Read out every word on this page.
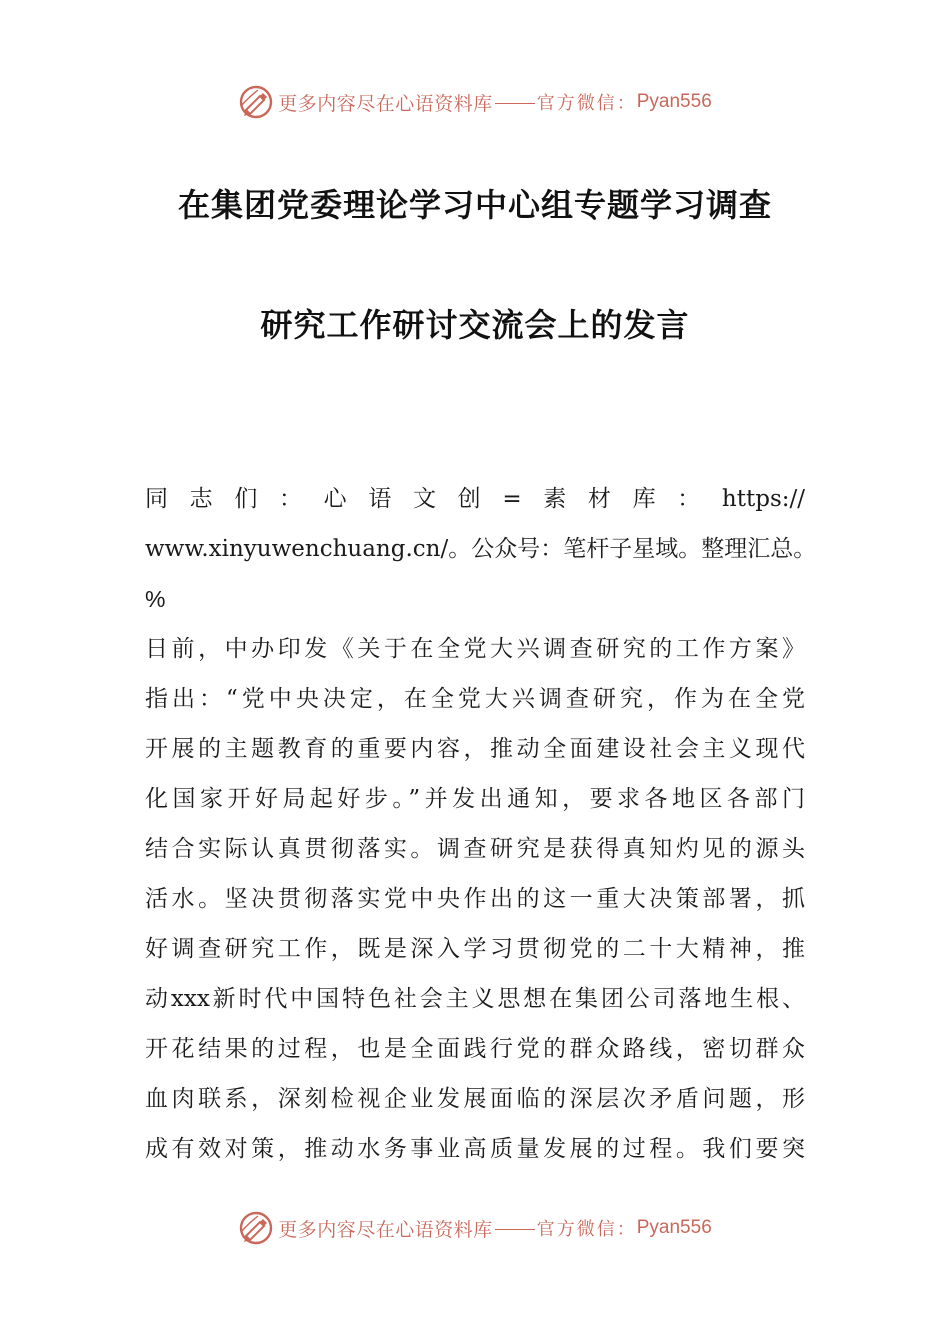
更多内容尽在心语资料库 官方微信： Pyan556
在集团党委理论学习中心组专题学习调查
研究工作研讨交流会上的发言
同志们：心语文创=素材库：https://
www.xinyuwenchuang.cn/。公众号：笔杆子星域。整理汇总。
%
日前，中办印发《关于在全党大兴调查研究的工作方案》
指出：“党中央决定，在全党大兴调查研究，作为在全党
开展的主题教育的重要内容，推动全面建设社会主义现代
化国家开好局起好步。”并发出通知，要求各地区各部门
结合实际认真贯彻落实。调查研究是获得真知灼见的源头
活水。坚决贯彻落实党中央作出的这一重大决策部署，抓
好调查研究工作，既是深入学习贯彻党的二十大精神，推
动xxx新时代中国特色社会主义思想在集团公司落地生根、
开花结果的过程，也是全面践行党的群众路线，密切群众
血肉联系，深刻检视企业发展面临的深层次矛盾问题，形
成有效对策，推动水务事业高质量发展的过程。我们要突
更多内容尽在心语资料库 官方微信： Pyan556
